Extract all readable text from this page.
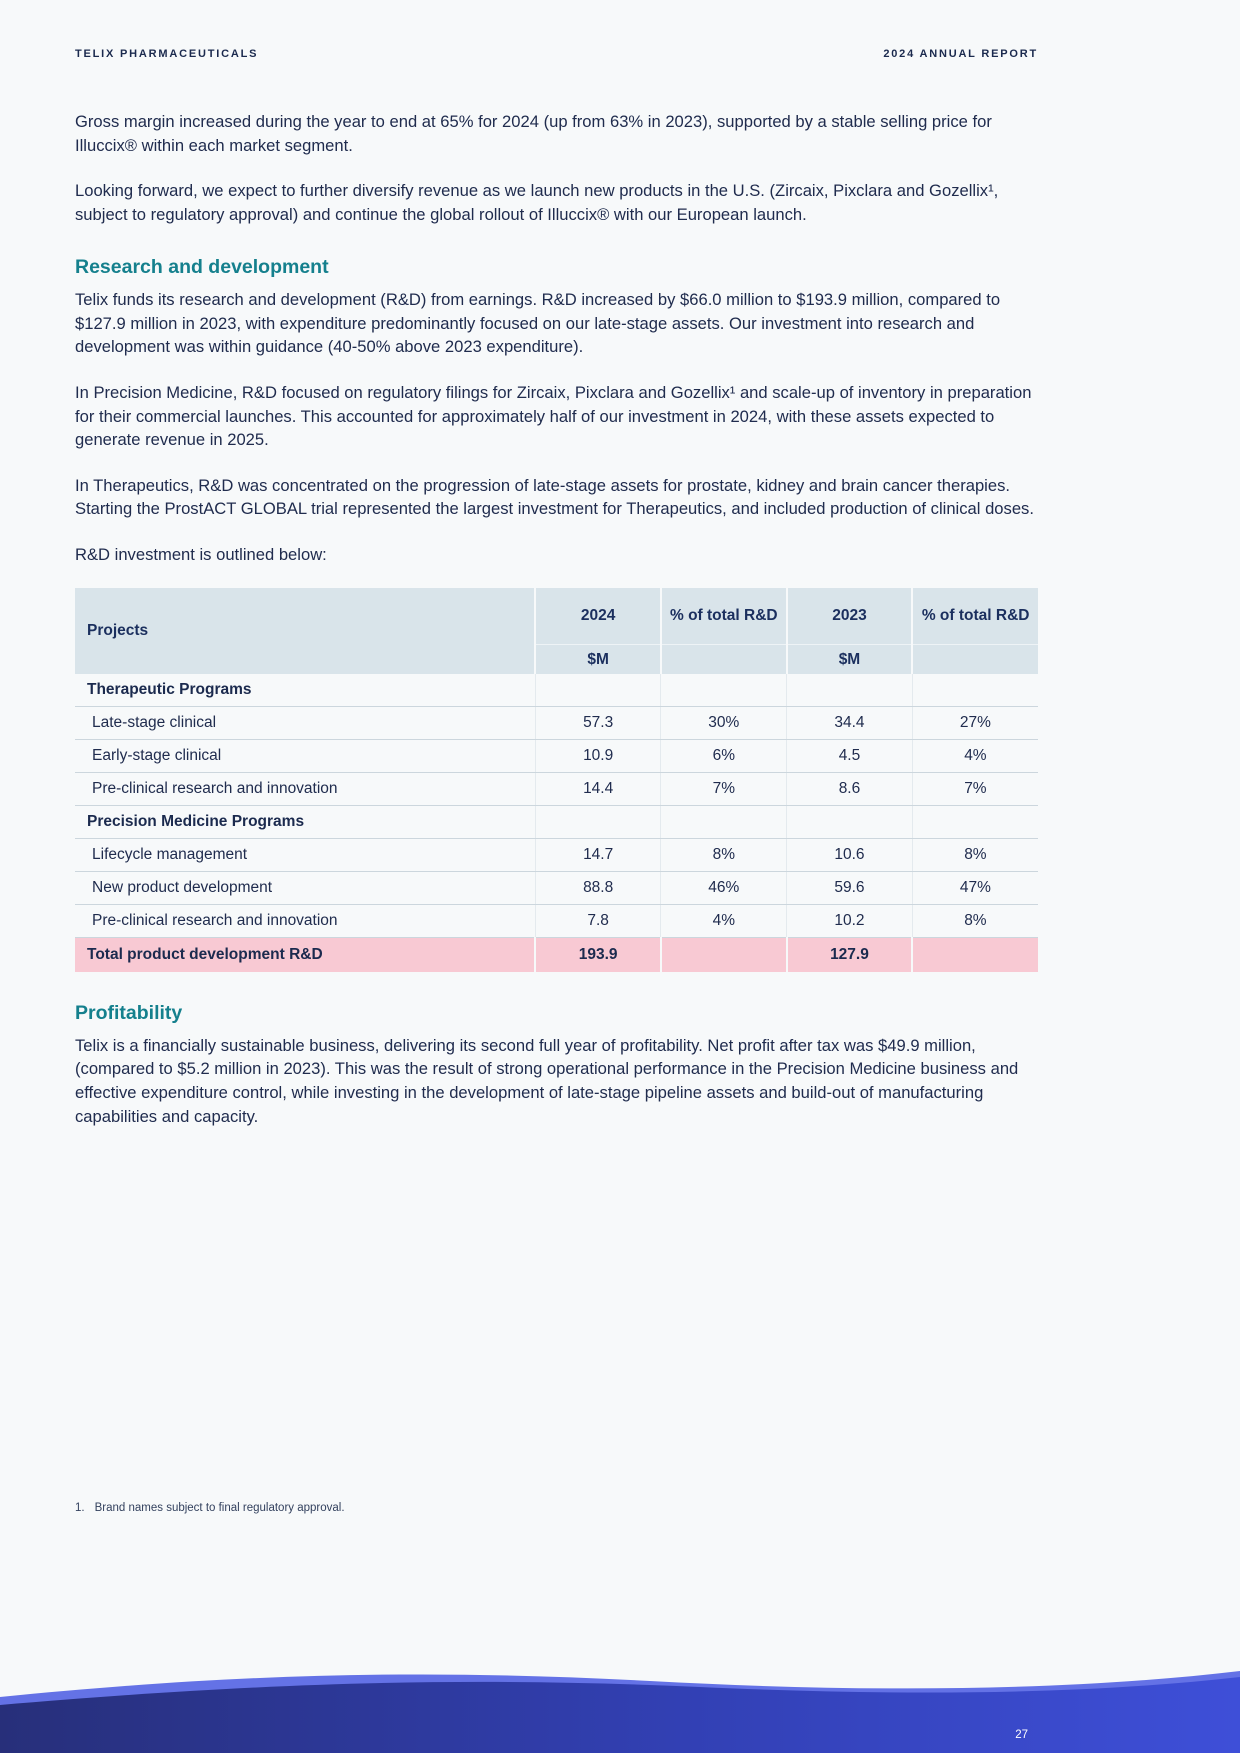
TELIX PHARMACEUTICALS	2024 ANNUAL REPORT

Gross margin increased during the year to end at 65% for 2024 (up from 63% in 2023), supported by a stable selling price for Illuccix® within each market segment.

Looking forward, we expect to further diversify revenue as we launch new products in the U.S. (Zircaix, Pixclara and Gozellix¹, subject to regulatory approval) and continue the global rollout of Illuccix® with our European launch.

Research and development

Telix funds its research and development (R&D) from earnings. R&D increased by $66.0 million to $193.9 million, compared to $127.9 million in 2023, with expenditure predominantly focused on our late-stage assets. Our investment into research and development was within guidance (40-50% above 2023 expenditure).

In Precision Medicine, R&D focused on regulatory filings for Zircaix, Pixclara and Gozellix¹ and scale-up of inventory in preparation for their commercial launches. This accounted for approximately half of our investment in 2024, with these assets expected to generate revenue in 2025.

In Therapeutics, R&D was concentrated on the progression of late-stage assets for prostate, kidney and brain cancer therapies. Starting the ProstACT GLOBAL trial represented the largest investment for Therapeutics, and included production of clinical doses.

R&D investment is outlined below:

Projects	2024	% of total R&D	2023	% of total R&D
	$M		$M	
Therapeutic Programs				
Late-stage clinical	57.3	30%	34.4	27%
Early-stage clinical	10.9	6%	4.5	4%
Pre-clinical research and innovation	14.4	7%	8.6	7%
Precision Medicine Programs				
Lifecycle management	14.7	8%	10.6	8%
New product development	88.8	46%	59.6	47%
Pre-clinical research and innovation	7.8	4%	10.2	8%
Total product development R&D	193.9		127.9	
Profitability

Telix is a financially sustainable business, delivering its second full year of profitability. Net profit after tax was $49.9 million, (compared to $5.2 million in 2023). This was the result of strong operational performance in the Precision Medicine business and effective expenditure control, while investing in the development of late-stage pipeline assets and build-out of manufacturing capabilities and capacity.

1. Brand names subject to final regulatory approval.
27
